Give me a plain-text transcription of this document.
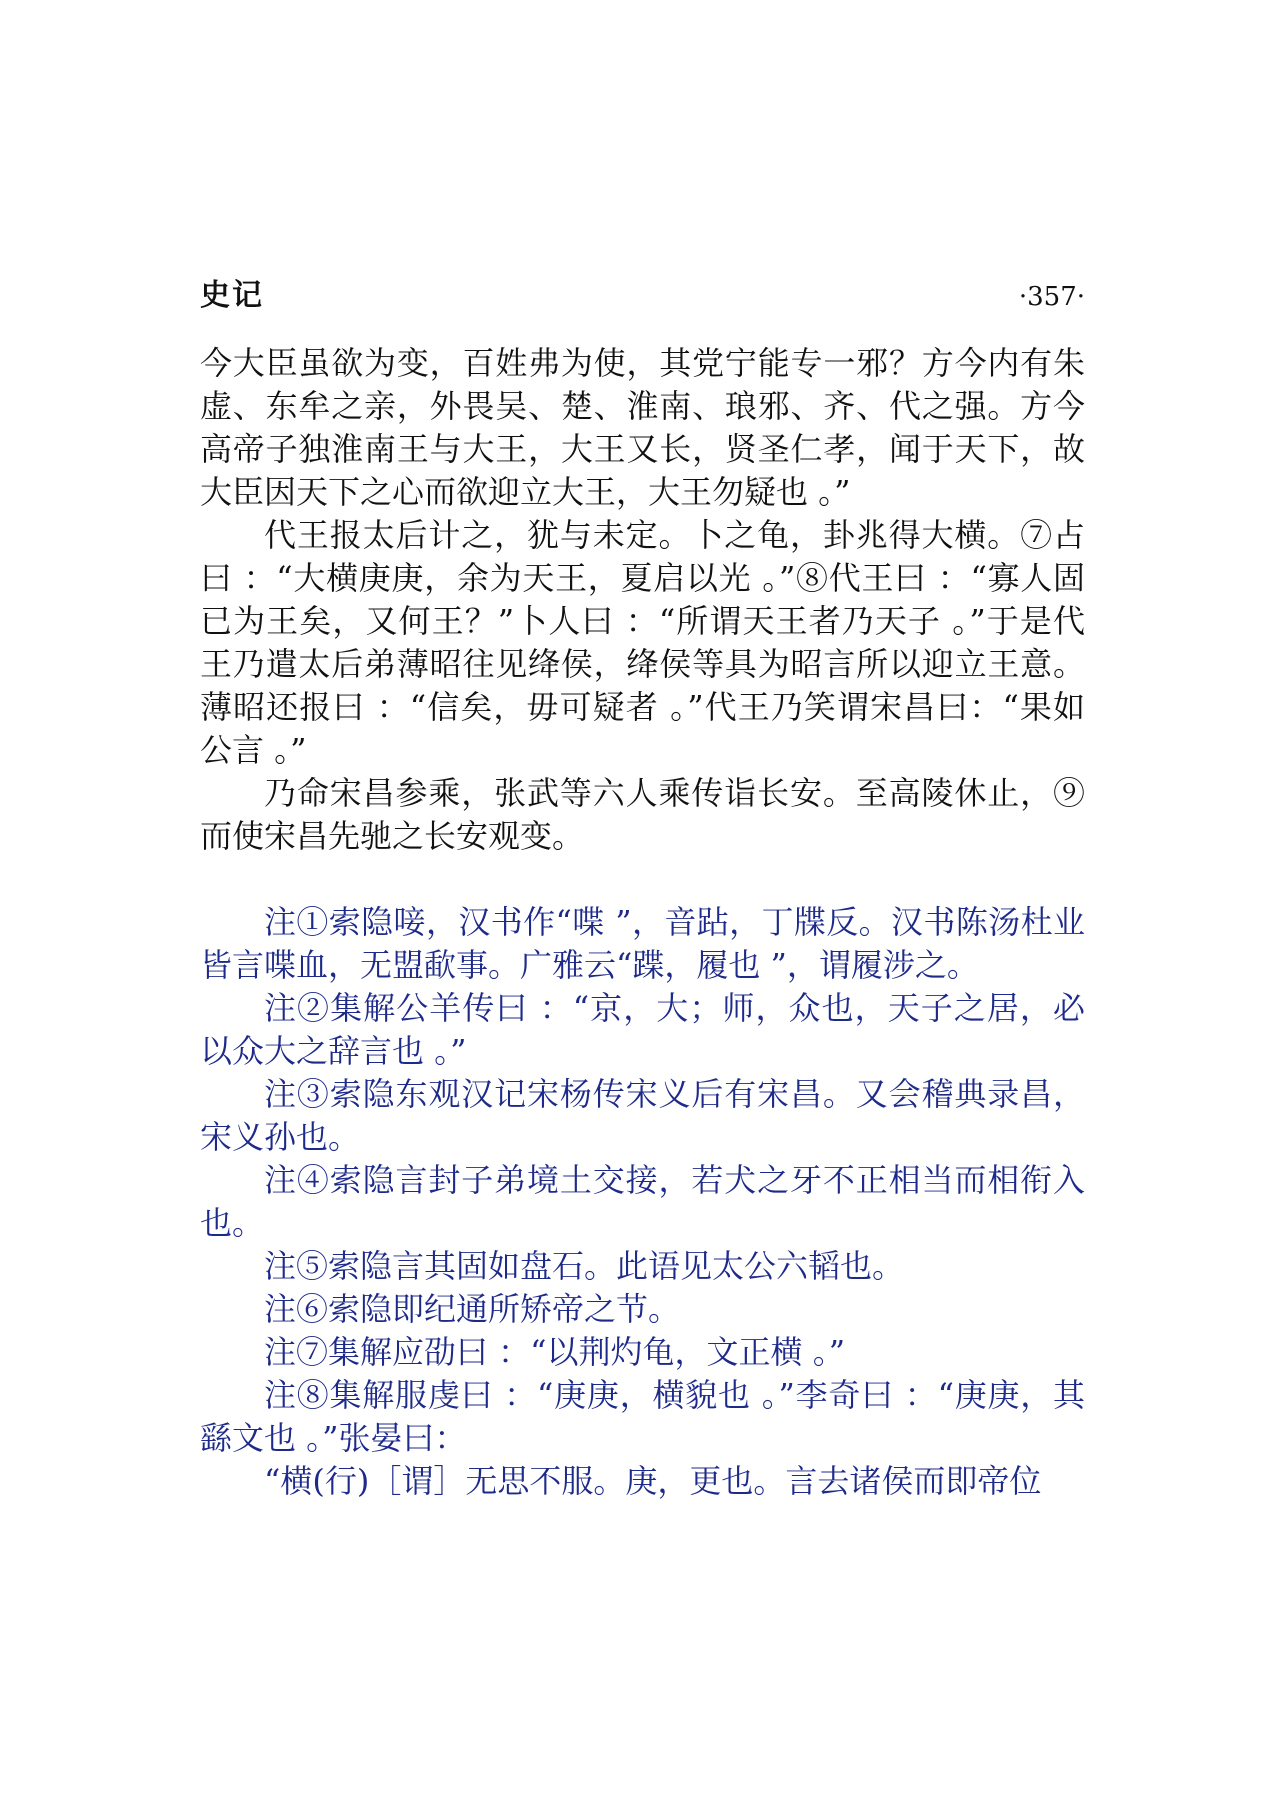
史记	·357·

今大臣虽欲为变，百姓弗为使，其党宁能专一邪？方今内有朱虚、东牟之亲，外畏吴、楚、淮南、琅邪、齐、代之强。方今高帝子独淮南王与大王，大王又长，贤圣仁孝，闻于天下，故大臣因天下之心而欲迎立大王，大王勿疑也 。”

代王报太后计之，犹与未定。卜之龟，卦兆得大横。⑦占曰 ：“大横庚庚，余为天王，夏启以光 。”⑧代王曰 ：“寡人固已为王矣，又何王？”卜人曰 ：“所谓天王者乃天子 。”于是代王乃遣太后弟薄昭往见绛侯，绛侯等具为昭言所以迎立王意。薄昭还报曰 ：“信矣，毋可疑者 。”代王乃笑谓宋昌曰：“果如公言 。”

乃命宋昌参乘，张武等六人乘传诣长安。至高陵休止，⑨而使宋昌先驰之长安观变。

注①索隐唼，汉书作“喋 ”，音跕，丁牒反。汉书陈汤杜业皆言喋血，无盟歃事。广雅云“蹀，履也 ”，谓履涉之。

注②集解公羊传曰 ：“京，大；师，众也，天子之居，必以众大之辞言也 。”

注③索隐东观汉记宋杨传宋义后有宋昌。又会稽典录昌，宋义孙也。

注④索隐言封子弟境土交接，若犬之牙不正相当而相衔入也。

注⑤索隐言其固如盘石。此语见太公六韬也。

注⑥索隐即纪通所矫帝之节。

注⑦集解应劭曰 ：“以荆灼龟，文正横 。”

注⑧集解服虔曰 ：“庚庚，横貌也 。”李奇曰 ：“庚庚，其繇文也 。”张晏曰：

“横(行)［谓］无思不服。庚，更也。言去诸侯而即帝位
